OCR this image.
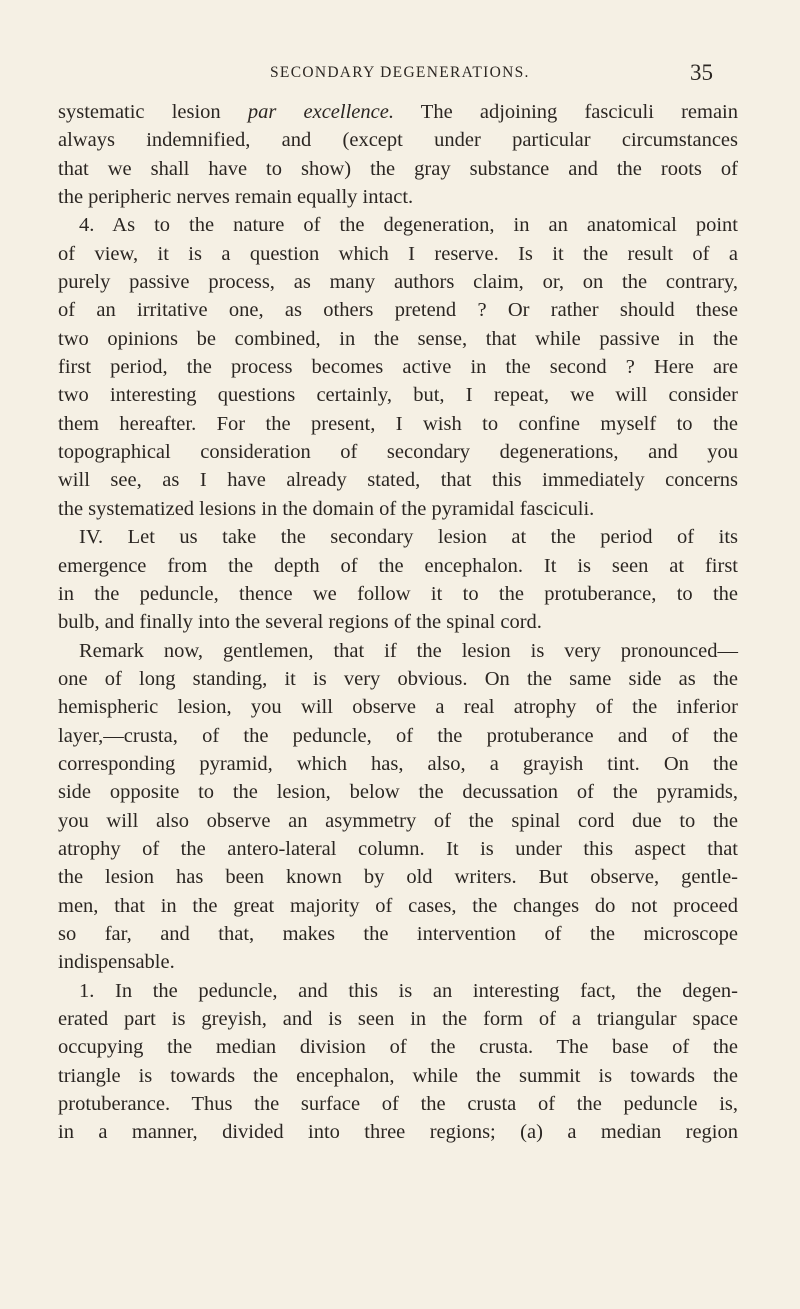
SECONDARY DEGENERATIONS.	35
systematic lesion par excellence. The adjoining fasciculi remain
always indemnified, and (except under particular circumstances
that we shall have to show) the gray substance and the roots of
the peripheric nerves remain equally intact.
4. As to the nature of the degeneration, in an anatomical point
of view, it is a question which I reserve. Is it the result of a
purely passive process, as many authors claim, or, on the contrary,
of an irritative one, as others pretend ? Or rather should these
two opinions be combined, in the sense, that while passive in the
first period, the process becomes active in the second ? Here are
two interesting questions certainly, but, I repeat, we will consider
them hereafter. For the present, I wish to confine myself to the
topographical consideration of secondary degenerations, and you
will see, as I have already stated, that this immediately concerns
the systematized lesions in the domain of the pyramidal fasciculi.
IV. Let us take the secondary lesion at the period of its
emergence from the depth of the encephalon. It is seen at first
in the peduncle, thence we follow it to the protuberance, to the
bulb, and finally into the several regions of the spinal cord.
Remark now, gentlemen, that if the lesion is very pronounced—
one of long standing, it is very obvious. On the same side as the
hemispheric lesion, you will observe a real atrophy of the inferior
layer,—crusta, of the peduncle, of the protuberance and of the
corresponding pyramid, which has, also, a grayish tint. On the
side opposite to the lesion, below the decussation of the pyramids,
you will also observe an asymmetry of the spinal cord due to the
atrophy of the antero-lateral column. It is under this aspect that
the lesion has been known by old writers. But observe, gentle-
men, that in the great majority of cases, the changes do not proceed
so far, and that, makes the intervention of the microscope
indispensable.
1. In the peduncle, and this is an interesting fact, the degen-
erated part is greyish, and is seen in the form of a triangular space
occupying the median division of the crusta. The base of the
triangle is towards the encephalon, while the summit is towards the
protuberance. Thus the surface of the crusta of the peduncle is,
in a manner, divided into three regions; (a) a median region
